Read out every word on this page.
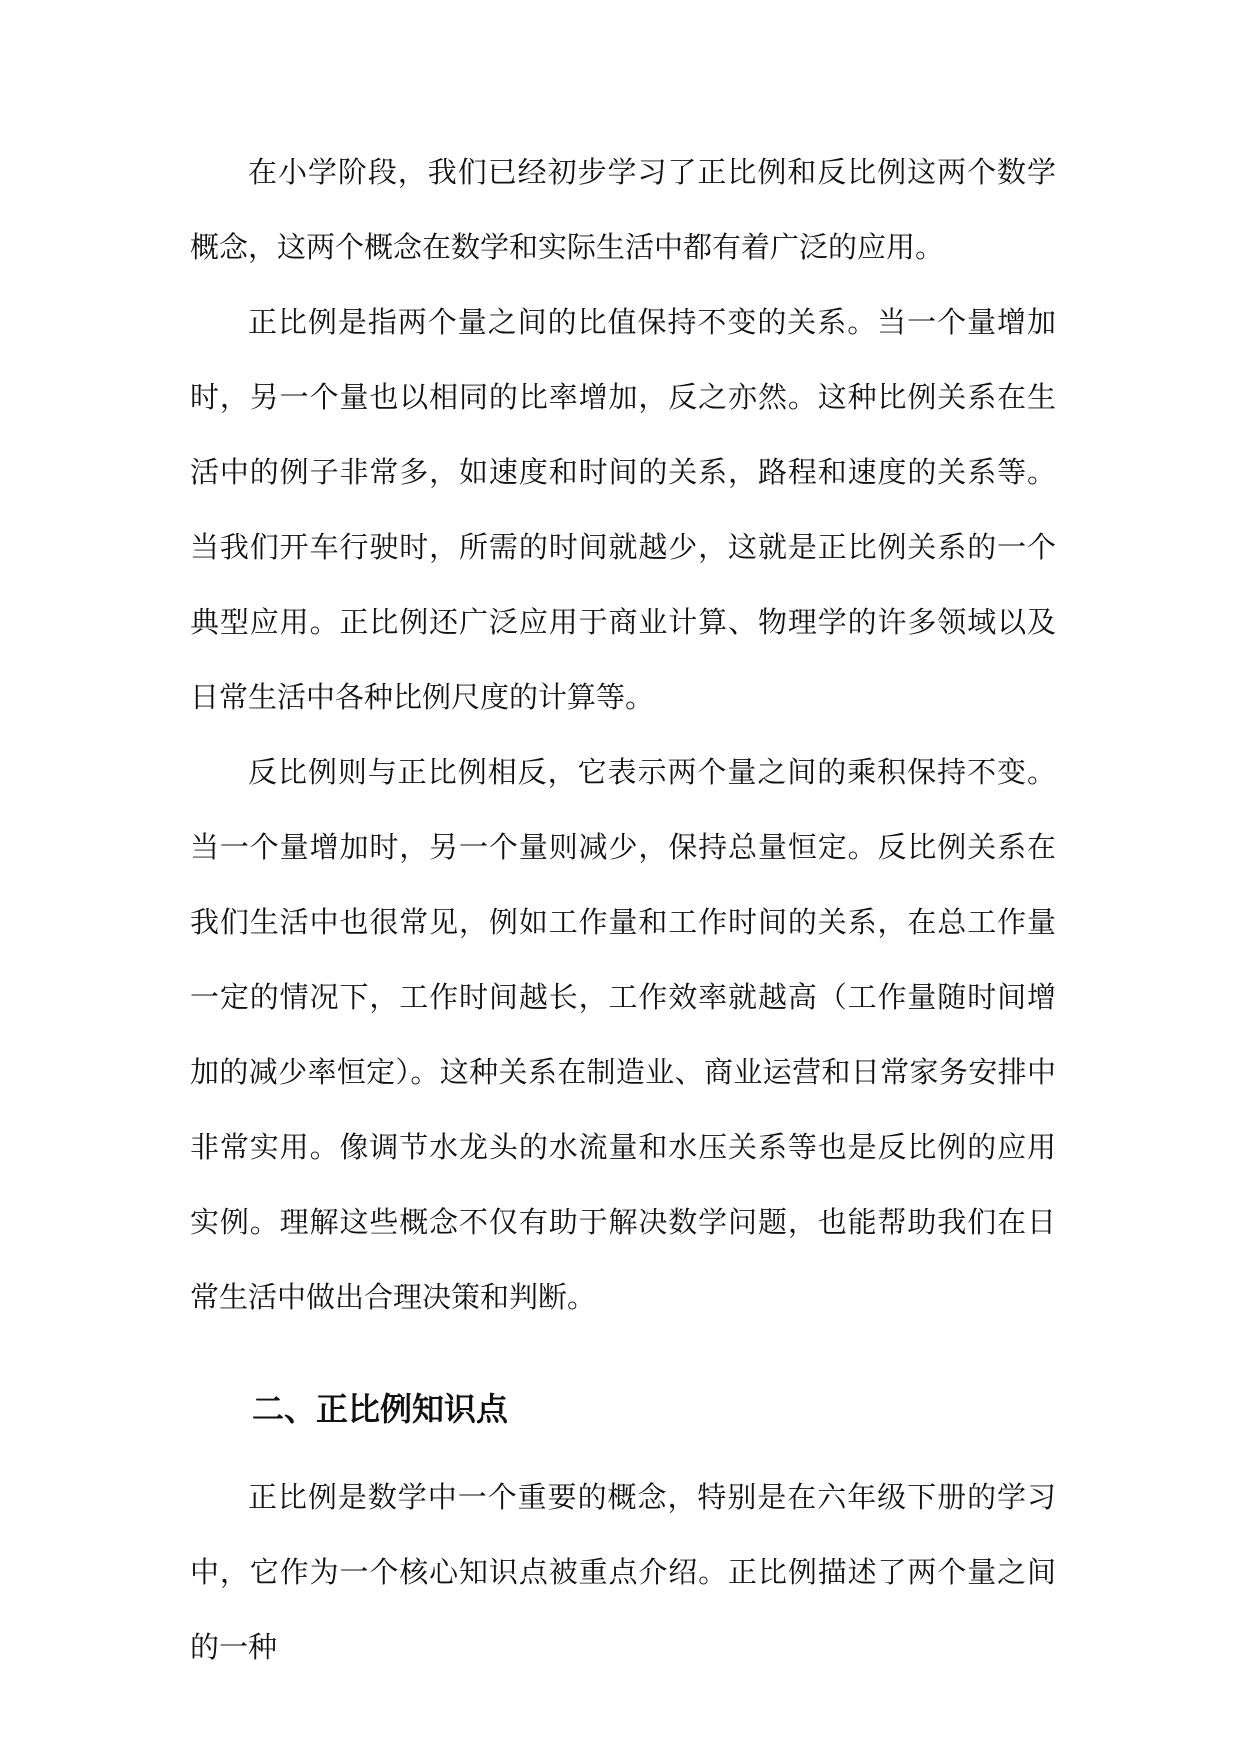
在小学阶段，我们已经初步学习了正比例和反比例这两个数学概念，这两个概念在数学和实际生活中都有着广泛的应用。

正比例是指两个量之间的比值保持不变的关系。当一个量增加时，另一个量也以相同的比率增加，反之亦然。这种比例关系在生活中的例子非常多，如速度和时间的关系，路程和速度的关系等。当我们开车行驶时，所需的时间就越少，这就是正比例关系的一个典型应用。正比例还广泛应用于商业计算、物理学的许多领域以及日常生活中各种比例尺度的计算等。

反比例则与正比例相反，它表示两个量之间的乘积保持不变。当一个量增加时，另一个量则减少，保持总量恒定。反比例关系在我们生活中也很常见，例如工作量和工作时间的关系，在总工作量一定的情况下，工作时间越长，工作效率就越高（工作量随时间增加的减少率恒定）。这种关系在制造业、商业运营和日常家务安排中非常实用。像调节水龙头的水流量和水压关系等也是反比例的应用实例。理解这些概念不仅有助于解决数学问题，也能帮助我们在日常生活中做出合理决策和判断。

二、正比例知识点

正比例是数学中一个重要的概念，特别是在六年级下册的学习中，它作为一个核心知识点被重点介绍。正比例描述了两个量之间的一种
